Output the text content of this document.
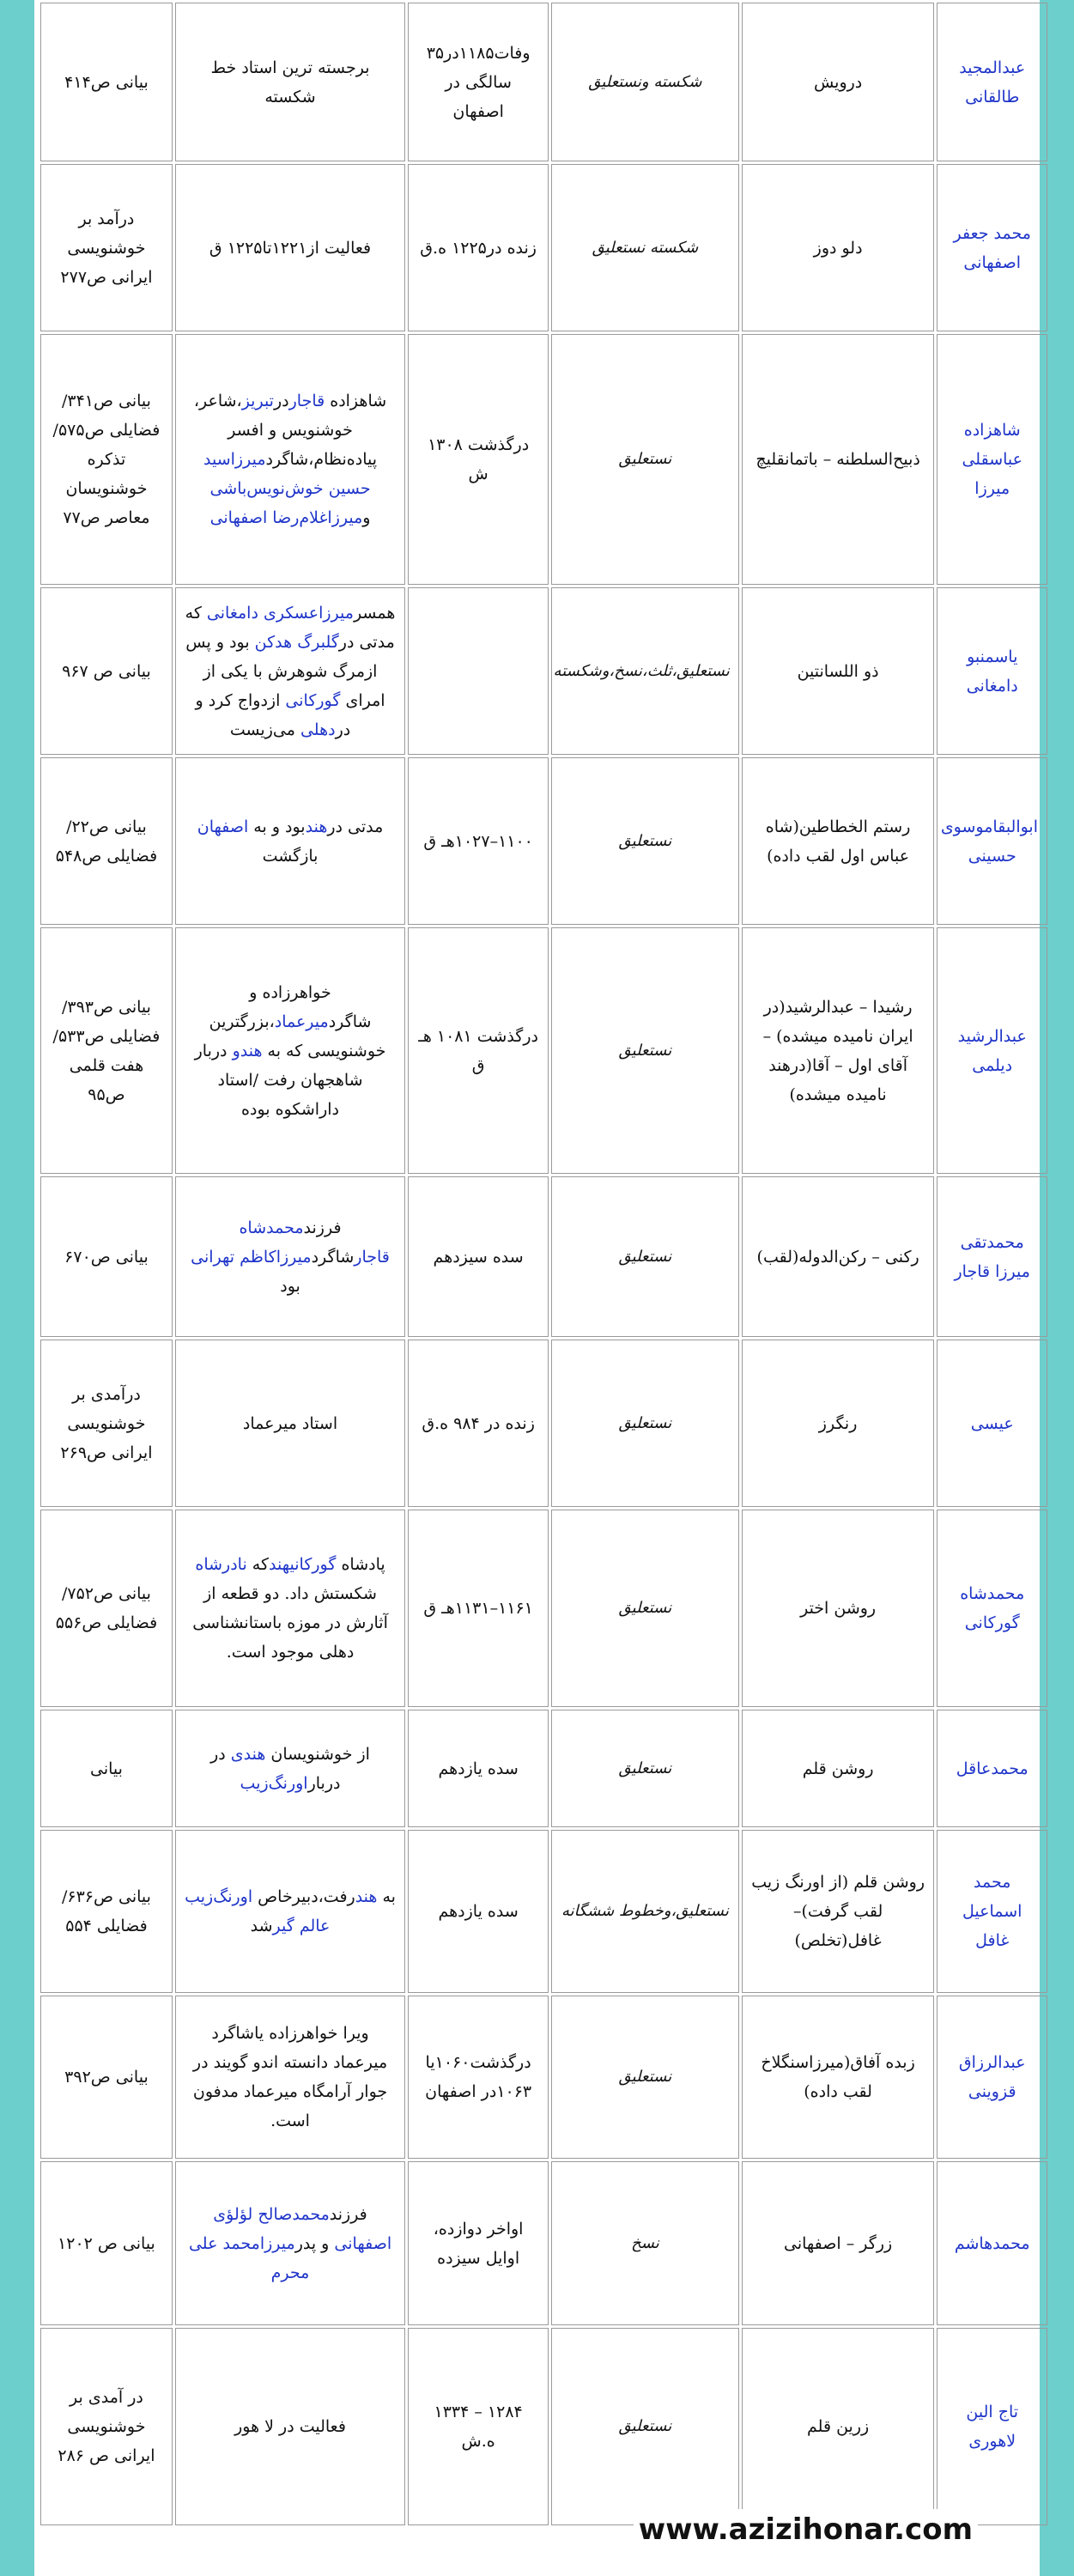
عبدالمجید طالقانی	درویش	شکسته ونستعلیق	وفات۱۱۸۵در۳۵ سالگی در اصفهان	برجسته ترین استاد خط شکسته	بیانی ص۴۱۴
محمد جعفر اصفهانی	دلو دوز	شکسته نستعلیق	زنده در۱۲۲۵ ه.ق	فعالیت از۱۲۲۱تا۱۲۲۵ ق	درآمد بر خوشنویسی ایرانی ص۲۷۷
شاهزاده عباسقلی میرزا	ذبیح‌السلطنه – باتمانقلیچ	نستعلیق	درگذشت ۱۳۰۸ ش	شاهزاده قاجاردرتبریز،شاعر، خوشنویس و افسر پیاده‌نظام،شاگردمیرزاسید حسین خوش‌نویس‌باشی ومیرزاغلام‌رضا اصفهانی	بیانی ص۳۴۱/ فضایلی ص۵۷۵/ تذکره خوشنویسان معاصر ص۷۷
یاسمنبو دامغانی	ذو اللسانتین	نستعلیق،ثلث،نسخ،وشکسته		همسرمیرزاعسکری دامغانی که مدتی درگلبرگ هدکن بود و پس ازمرگ شوهرش با یکی از امرای گورکانی ازدواج کرد و دردهلی می‌زیست	بیانی ص ۹۶۷
ابوالبقاموسوی حسینی	رستم الخطاطین(شاه عباس اول لقب داده)	نستعلیق	۱۱۰۰–۱۰۲۷هـ ق	مدتی درهندبود و به اصفهان بازگشت	بیانی ص۲۲/فضایلی ص۵۴۸
عبدالرشید دیلمی	رشیدا – عبدالرشید(در ایران نامیده میشده) – آقای اول – آقا(درهند نامیده میشده)	نستعلیق	درگذشت ۱۰۸۱ هـ ق	خواهرزاده و شاگردمیرعماد،بزرگترین خوشنویسی که به هندو دربار شاهجهان رفت /استاد داراشکوه بوده	بیانی ص۳۹۳/ فضایلی ص۵۳۳/ هفت قلمی ص۹۵
محمدتقی میرزا قاجار	رکنی – رکن‌الدوله(لقب)	نستعلیق	سده سیزدهم	فرزندمحمدشاه قاجارشاگردمیرزاکاظم تهرانی بود	بیانی ص۶۷۰
عیسی	رنگرز	نستعلیق	زنده در ۹۸۴ ه.ق	استاد میرعماد	درآمدی بر خوشنویسی ایرانی ص۲۶۹
محمدشاه گورکانی	روشن اختر	نستعلیق	۱۱۶۱–۱۱۳۱هـ ق	پادشاه گورکانیهندکه نادرشاه شکستش داد. دو قطعه از آثارش در موزه باستانشناسی دهلی موجود است.	بیانی ص۷۵۲/ فضایلی ص۵۵۶
محمدعاقل	روشن قلم	نستعلیق	سده یازدهم	از خوشنویسان هندی در درباراورنگ‌زیب	بیانی
محمد اسماعیل غافل	روشن قلم (از اورنگ زیب لقب گرفت)– غافل(تخلص)	نستعلیق،وخطوط ششگانه	سده یازدهم	به هندرفت،دبیرخاص اورنگ‌زیب عالم گیرشد	بیانی ص۶۳۶/ فضایلی ۵۵۴
عبدالرزاق قزوینی	زبده آفاق(میرزاسنگلاخ لقب داده)	نستعلیق	درگذشت۱۰۶۰یا ۱۰۶۳در اصفهان	ویرا خواهرزاده یاشاگرد میرعماد دانسته اندو گویند در جوار آرامگاه میرعماد مدفون است.	بیانی ص۳۹۲
محمدهاشم	زرگر – اصفهانی	نسخ	اواخر دوازده، اوایل سیزده	فرزندمحمدصالح لؤلؤی اصفهانی و پدرمیرزامحمد علی محرم	بیانی ص ۱۲۰۲
تاج الین لاهوری	زرین قلم	نستعلیق	۱۲۸۴ – ۱۳۳۴ ه.ش	فعالیت در لا هور	در آمدی بر خوشنویسی ایرانی ص ۲۸۶
www.azizihonar.com
